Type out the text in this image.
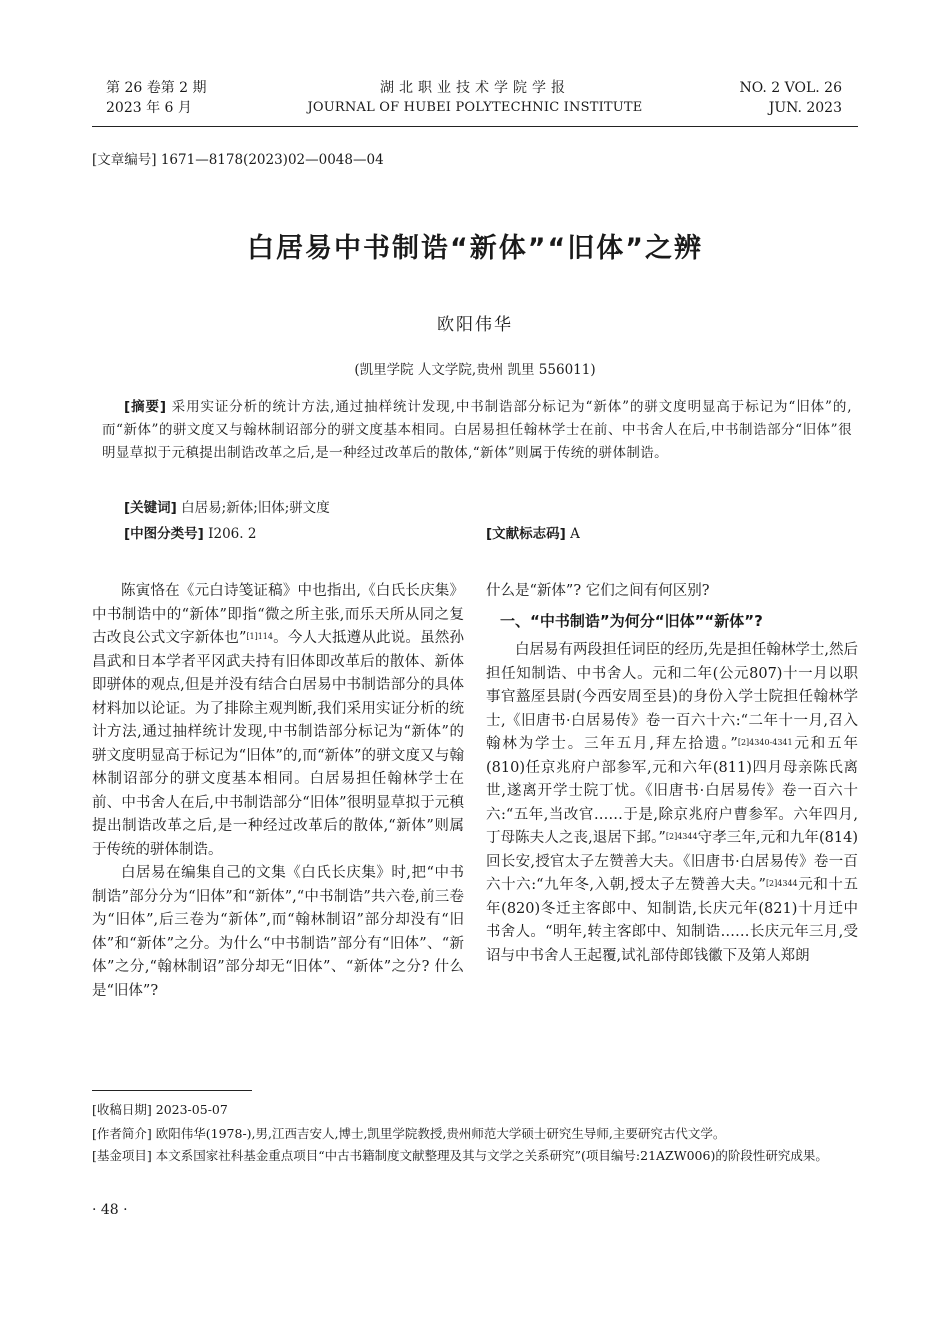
第 26 卷第 2 期
2023 年 6 月
湖北职业技术学院学报
JOURNAL OF HUBEI POLYTECHNIC INSTITUTE
NO. 2 VOL. 26
JUN. 2023
[文章编号] 1671—8178(2023)02—0048—04
白居易中书制诰“新体”“旧体”之辨
欧阳伟华
(凯里学院 人文学院,贵州 凯里 556011)
[摘要] 采用实证分析的统计方法,通过抽样统计发现,中书制诰部分标记为“新体”的骈文度明显高于标记为“旧体”的,而“新体”的骈文度又与翰林制诏部分的骈文度基本相同。白居易担任翰林学士在前、中书舍人在后,中书制诰部分“旧体”很明显草拟于元稹提出制诰改革之后,是一种经过改革后的散体,“新体”则属于传统的骈体制诰。
[关键词] 白居易;新体;旧体;骈文度
[中图分类号] I206. 2	[文献标志码] A

陈寅恪在《元白诗笺证稿》中也指出,《白氏长庆集》中书制诰中的“新体”即指“微之所主张,而乐天所从同之复古改良公式文字新体也”$^{[1]114}$。今人大抵遵从此说。虽然孙昌武和日本学者平冈武夫持有旧体即改革后的散体、新体即骈体的观点,但是并没有结合白居易中书制诰部分的具体材料加以论证。为了排除主观判断,我们采用实证分析的统计方法,通过抽样统计发现,中书制诰部分标记为“新体”的骈文度明显高于标记为“旧体”的,而“新体”的骈文度又与翰林制诏部分的骈文度基本相同。白居易担任翰林学士在前、中书舍人在后,中书制诰部分“旧体”很明显草拟于元稹提出制诰改革之后,是一种经过改革后的散体,“新体”则属于传统的骈体制诰。

白居易在编集自己的文集《白氏长庆集》时,把“中书制诰”部分分为“旧体”和“新体”,“中书制诰”共六卷,前三卷为“旧体”,后三卷为“新体”,而“翰林制诏”部分却没有“旧体”和“新体”之分。为什么“中书制诰”部分有“旧体”、“新体”之分,“翰林制诏”部分却无“旧体”、“新体”之分? 什么是“旧体”?

什么是“新体”? 它们之间有何区别?

一、“中书制诰”为何分“旧体”“新体”?

白居易有两段担任词臣的经历,先是担任翰林学士,然后担任知制诰、中书舍人。元和二年(公元807)十一月以职事官盩厔县尉(今西安周至县)的身份入学士院担任翰林学士,《旧唐书·白居易传》卷一百六十六:“二年十一月,召入翰林为学士。三年五月,拜左拾遗。”$^{[2]4340-4341}$元和五年(810)任京兆府户部参军,元和六年(811)四月母亲陈氏离世,遂离开学士院丁忧。《旧唐书·白居易传》卷一百六十六:“五年,当改官……于是,除京兆府户曹参军。六年四月,丁母陈夫人之丧,退居下邽。”$^{[2]4344}$守孝三年,元和九年(814)回长安,授官太子左赞善大夫。《旧唐书·白居易传》卷一百六十六:“九年冬,入朝,授太子左赞善大夫。”$^{[2]4344}$元和十五年(820)冬迁主客郎中、知制诰,长庆元年(821)十月迁中书舍人。“明年,转主客郎中、知制诰……长庆元年三月,受诏与中书舍人王起覆,试礼部侍郎钱徽下及第人郑朗

[收稿日期] 2023-05-07
[作者简介] 欧阳伟华(1978-),男,江西吉安人,博士,凯里学院教授,贵州师范大学硕士研究生导师,主要研究古代文学。
[基金项目] 本文系国家社科基金重点项目“中古书籍制度文献整理及其与文学之关系研究”(项目编号:21AZW006)的阶段性研究成果。
· 48 ·
